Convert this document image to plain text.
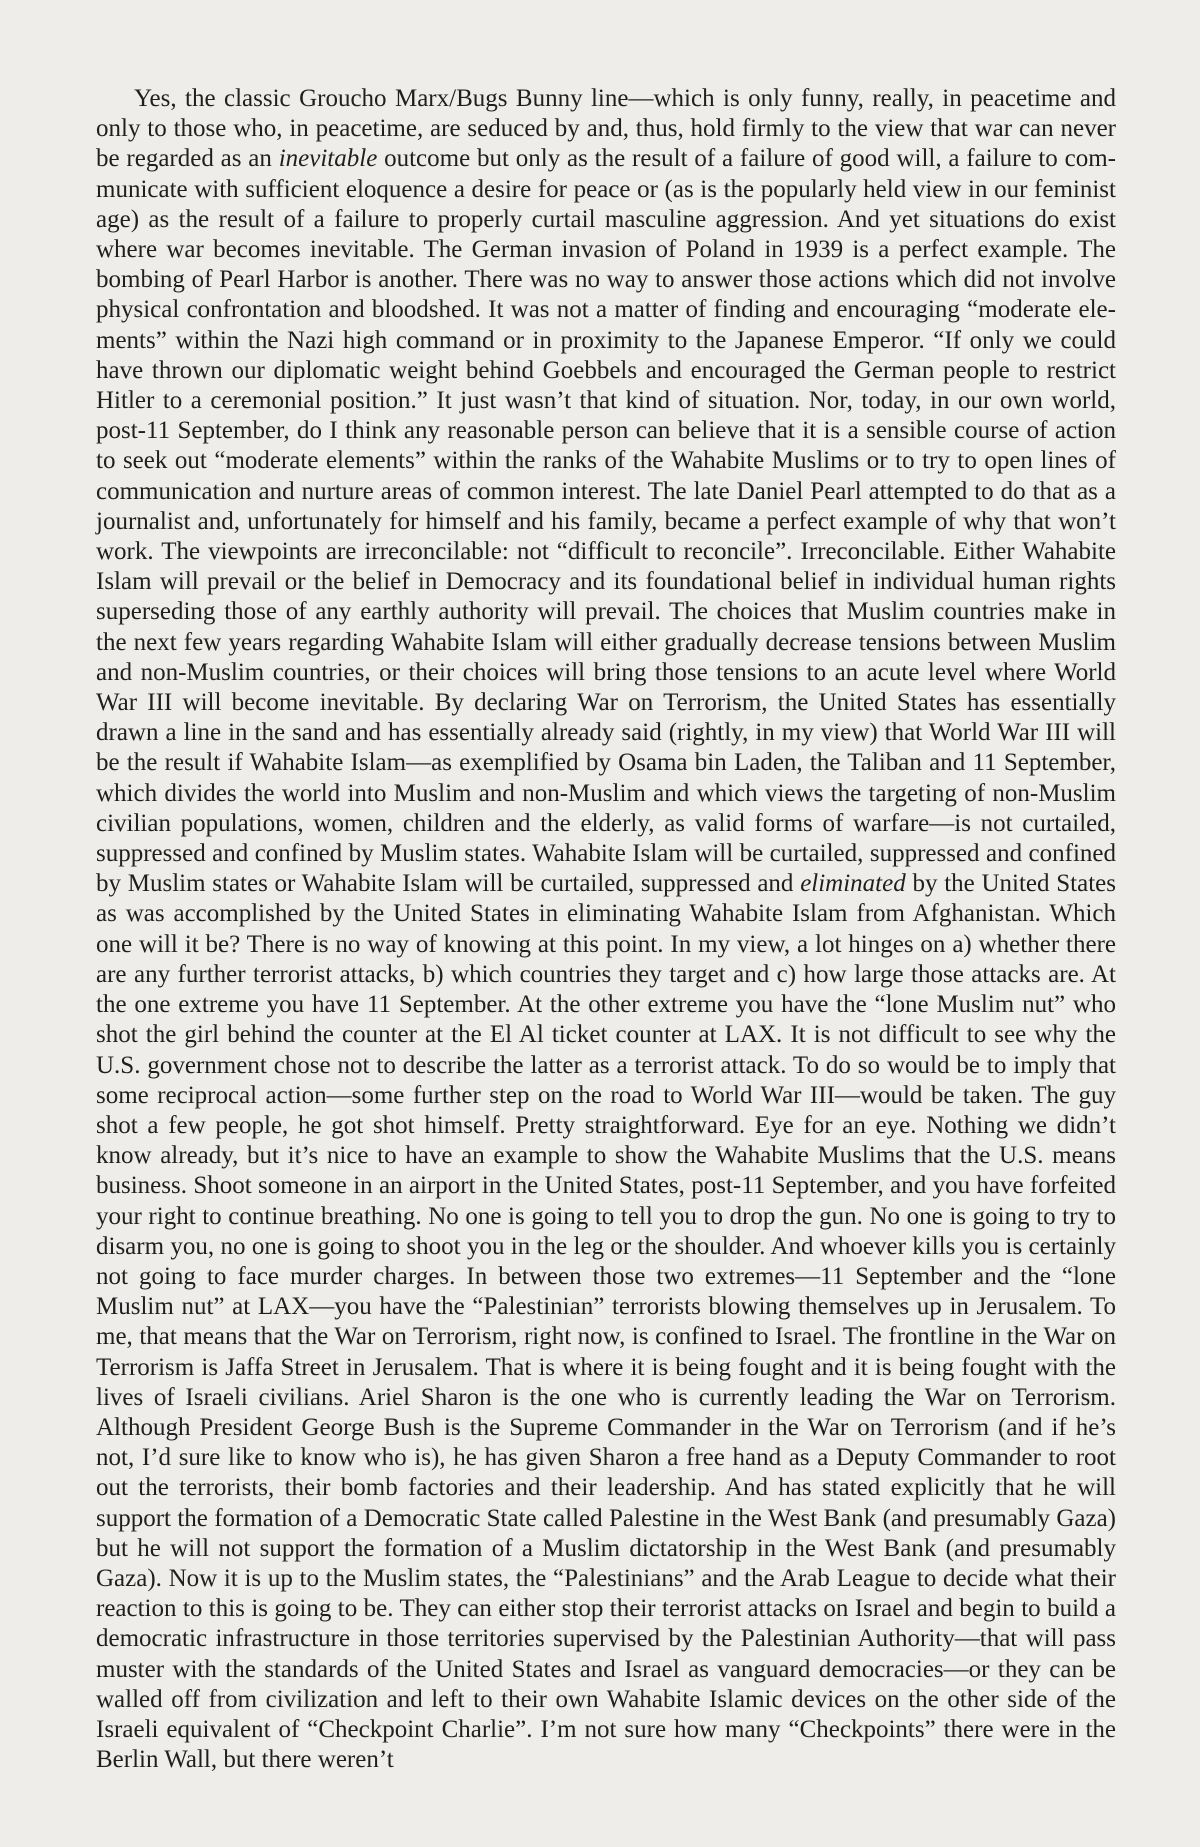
Yes, the classic Groucho Marx/Bugs Bunny line—which is only funny, really, in peacetime and only to those who, in peacetime, are seduced by and, thus, hold firmly to the view that war can never be regarded as an inevitable outcome but only as the result of a failure of good will, a failure to communicate with sufficient eloquence a desire for peace or (as is the popularly held view in our feminist age) as the result of a failure to properly curtail masculine aggression. And yet situations do exist where war becomes inevitable. The German invasion of Poland in 1939 is a perfect example. The bombing of Pearl Harbor is another. There was no way to answer those actions which did not involve physical confrontation and bloodshed. It was not a matter of finding and encouraging “moderate elements” within the Nazi high command or in proximity to the Japanese Emperor. “If only we could have thrown our diplomatic weight behind Goebbels and encouraged the German people to restrict Hitler to a ceremonial position.” It just wasn’t that kind of situation. Nor, today, in our own world, post-11 September, do I think any reasonable person can believe that it is a sensible course of action to seek out “moderate elements” within the ranks of the Wahabite Muslims or to try to open lines of communication and nurture areas of common interest. The late Daniel Pearl attempted to do that as a journalist and, unfortunately for himself and his family, became a perfect example of why that won’t work. The viewpoints are irreconcilable: not “difficult to reconcile”. Irreconcilable. Either Wahabite Islam will prevail or the belief in Democracy and its foundational belief in individual human rights superseding those of any earthly authority will prevail. The choices that Muslim countries make in the next few years regarding Wahabite Islam will either gradually decrease tensions between Muslim and non-Muslim countries, or their choices will bring those tensions to an acute level where World War III will become inevitable. By declaring War on Terrorism, the United States has essentially drawn a line in the sand and has essentially already said (rightly, in my view) that World War III will be the result if Wahabite Islam—as exemplified by Osama bin Laden, the Taliban and 11 September, which divides the world into Muslim and non-Muslim and which views the targeting of non-Muslim civilian populations, women, children and the elderly, as valid forms of warfare—is not curtailed, suppressed and confined by Muslim states. Wahabite Islam will be curtailed, suppressed and confined by Muslim states or Wahabite Islam will be curtailed, suppressed and eliminated by the United States as was accomplished by the United States in eliminating Wahabite Islam from Afghanistan. Which one will it be? There is no way of knowing at this point. In my view, a lot hinges on a) whether there are any further terrorist attacks, b) which countries they target and c) how large those attacks are. At the one extreme you have 11 September. At the other extreme you have the “lone Muslim nut” who shot the girl behind the counter at the El Al ticket counter at LAX. It is not difficult to see why the U.S. government chose not to describe the latter as a terrorist attack. To do so would be to imply that some reciprocal action—some further step on the road to World War III—would be taken. The guy shot a few people, he got shot himself. Pretty straightforward. Eye for an eye. Nothing we didn’t know already, but it’s nice to have an example to show the Wahabite Muslims that the U.S. means business. Shoot someone in an airport in the United States, post-11 September, and you have forfeited your right to continue breathing. No one is going to tell you to drop the gun. No one is going to try to disarm you, no one is going to shoot you in the leg or the shoulder. And whoever kills you is certainly not going to face murder charges. In between those two extremes—11 September and the “lone Muslim nut” at LAX—you have the “Palestinian” terrorists blowing themselves up in Jerusalem. To me, that means that the War on Terrorism, right now, is confined to Israel. The frontline in the War on Terrorism is Jaffa Street in Jerusalem. That is where it is being fought and it is being fought with the lives of Israeli civilians. Ariel Sharon is the one who is currently leading the War on Terrorism. Although President George Bush is the Supreme Commander in the War on Terrorism (and if he’s not, I’d sure like to know who is), he has given Sharon a free hand as a Deputy Commander to root out the terrorists, their bomb factories and their leadership. And has stated explicitly that he will support the formation of a Democratic State called Palestine in the West Bank (and presumably Gaza) but he will not support the formation of a Muslim dictatorship in the West Bank (and presumably Gaza). Now it is up to the Muslim states, the “Palestinians” and the Arab League to decide what their reaction to this is going to be. They can either stop their terrorist attacks on Israel and begin to build a democratic infrastructure in those territories supervised by the Palestinian Authority—that will pass muster with the standards of the United States and Israel as vanguard democracies—or they can be walled off from civilization and left to their own Wahabite Islamic devices on the other side of the Israeli equivalent of “Checkpoint Charlie”. I’m not sure how many “Checkpoints” there were in the Berlin Wall, but there weren’t
